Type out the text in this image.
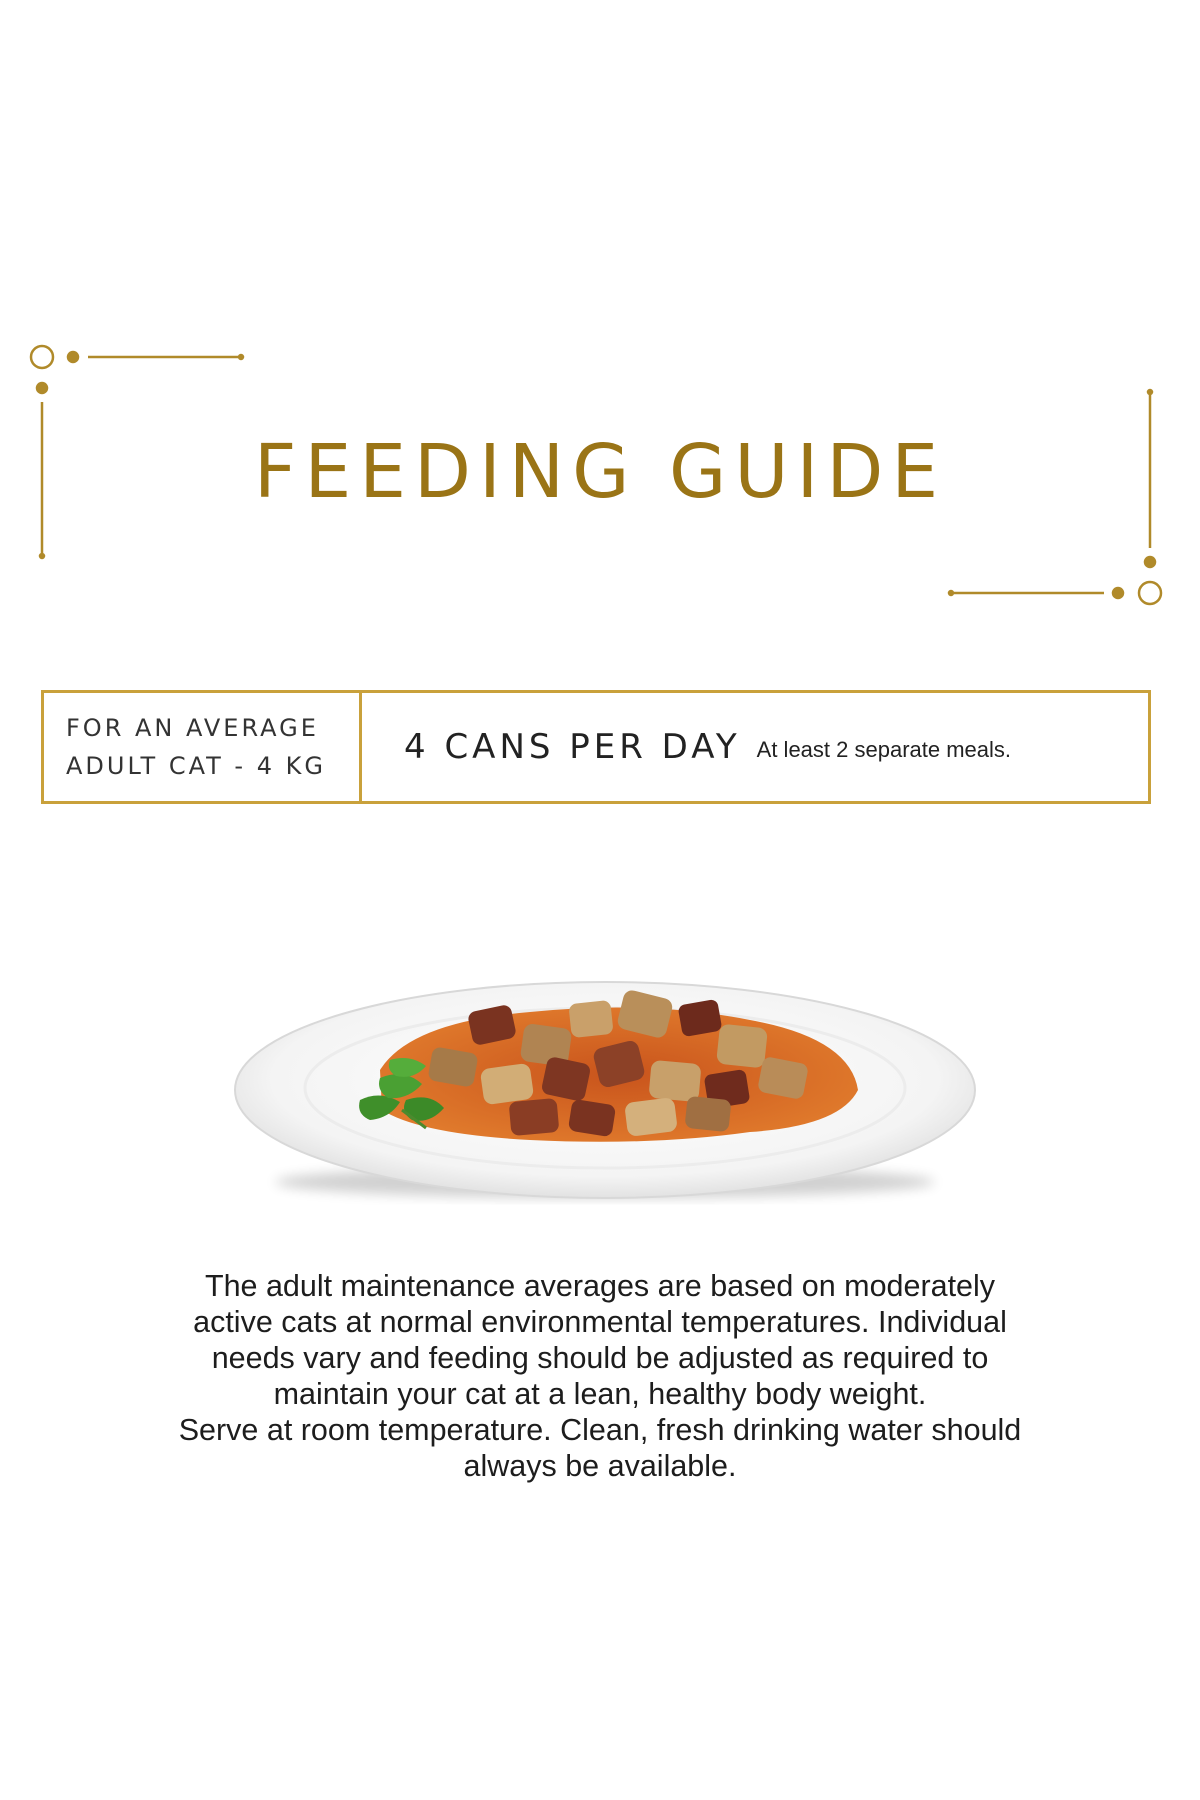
FEEDING GUIDE
FOR AN AVERAGE
ADULT CAT - 4 KG	4 CANS PER DAY At least 2 separate meals.
The adult maintenance averages are based on moderately
active cats at normal environmental temperatures. Individual
needs vary and feeding should be adjusted as required to
maintain your cat at a lean, healthy body weight.
Serve at room temperature. Clean, fresh drinking water should
always be available.
